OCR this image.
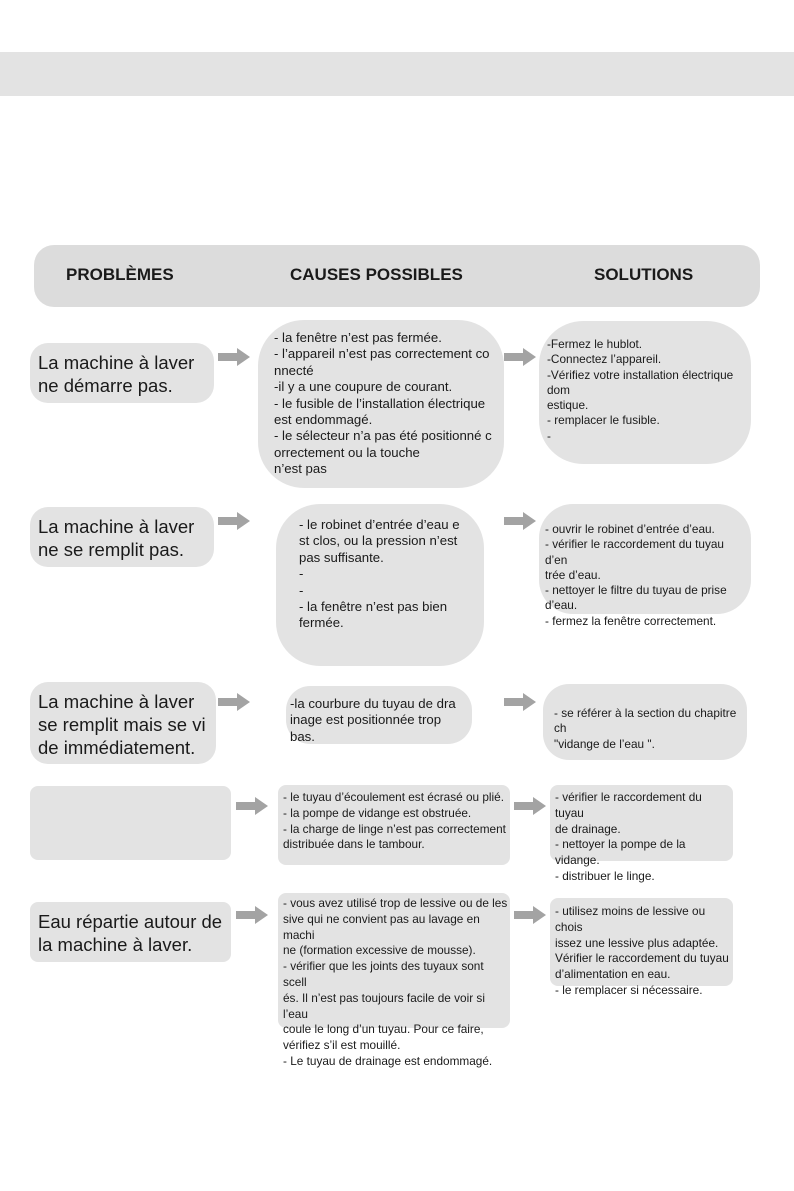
PROBLÈMES	CAUSES POSSIBLES	SOLUTIONS
La machine à laver ne démarre pas.
- la fenêtre n’est pas fermée.
- l’appareil n’est pas correctement co
nnecté
-il y a une coupure de courant.
- le fusible de l’installation électrique
est endommagé.
- le sélecteur n’a pas été positionné c
orrectement ou la touche
n’est pas
-Fermez le hublot.
-Connectez l’appareil.
-Vérifiez votre installation électrique dom
estique.
- remplacer le fusible.
-
La machine à laver ne se remplit pas.
- le robinet d’entrée d’eau e
st clos, ou la pression n’est
pas suffisante.
-
-
- la fenêtre n’est pas bien
fermée.
- ouvrir le robinet d’entrée d’eau.
- vérifier le raccordement du tuyau d’en
trée d’eau.
- nettoyer le filtre du tuyau de prise d’eau.
- fermez la fenêtre correctement.
La machine à laver se remplit mais se vide immédiatement.
-la courbure du tuyau de dra
inage est positionnée trop bas.
- se référer à la section du chapitre ch
"vidange de l’eau ".
- le tuyau d’écoulement est écrasé ou plié.
- la pompe de vidange est obstruée.
- la charge de linge n’est pas correctement
distribuée dans le tambour.
- vérifier le raccordement du tuyau
de drainage.
- nettoyer la pompe de la vidange.
- distribuer le linge.
Eau répartie autour de la machine à laver.
- vous avez utilisé trop de lessive ou de les
sive qui ne convient pas au lavage en machi
ne (formation excessive de mousse).
- vérifier que les joints des tuyaux sont scell
és. Il n’est pas toujours facile de voir si l’eau
coule le long d’un tuyau. Pour ce faire,
vérifiez s’il est mouillé.
- Le tuyau de drainage est endommagé.
- utilisez moins de lessive ou chois
issez une lessive plus adaptée.
Vérifier le raccordement du tuyau
d’alimentation en eau.
- le remplacer si nécessaire.
